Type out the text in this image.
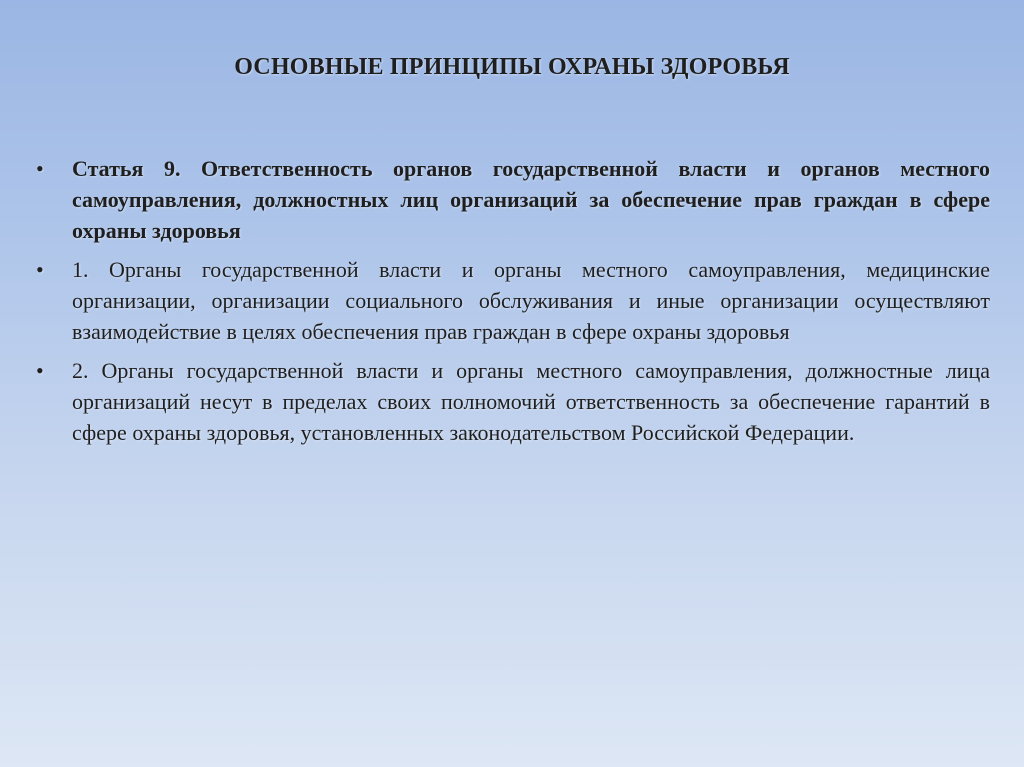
ОСНОВНЫЕ ПРИНЦИПЫ ОХРАНЫ ЗДОРОВЬЯ
• Статья 9. Ответственность органов государственной власти и органов местного самоуправления, должностных лиц организаций за обеспечение прав граждан в сфере охраны здоровья
• 1. Органы государственной власти и органы местного самоуправления, медицинские организации, организации социального обслуживания и иные организации осуществляют взаимодействие в целях обеспечения прав граждан в сфере охраны здоровья
• 2. Органы государственной власти и органы местного самоуправления, должностные лица организаций несут в пределах своих полномочий ответственность за обеспечение гарантий в сфере охраны здоровья, установленных законодательством Российской Федерации.
